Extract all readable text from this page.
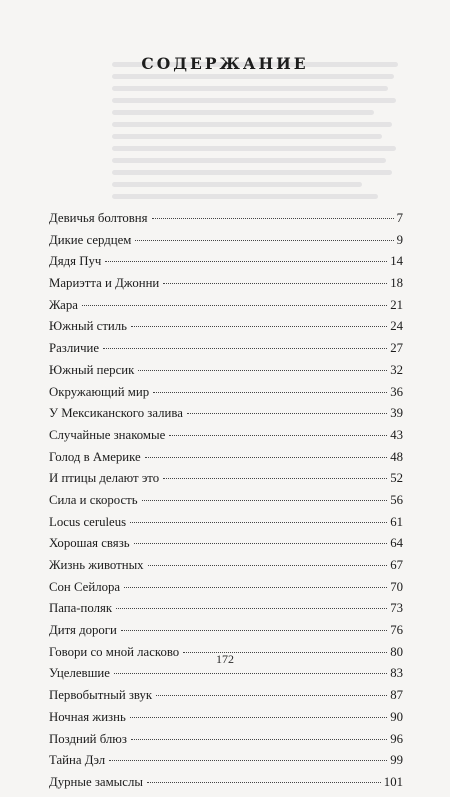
СОДЕРЖАНИЕ
Девичья болтовня	7
Дикие сердцем	9
Дядя Пуч	14
Мариэтта и Джонни	18
Жара	21
Южный стиль	24
Различие	27
Южный персик	32
Окружающий мир	36
У Мексиканского залива	39
Случайные знакомые	43
Голод в Америке	48
И птицы делают это	52
Сила и скорость	56
Locus ceruleus	61
Хорошая связь	64
Жизнь животных	67
Сон Сейлора	70
Папа-поляк	73
Дитя дороги	76
Говори со мной ласково	80
Уцелевшие	83
Первобытный звук	87
Ночная жизнь	90
Поздний блюз	96
Тайна Дэл	99
Дурные замыслы	101
172
